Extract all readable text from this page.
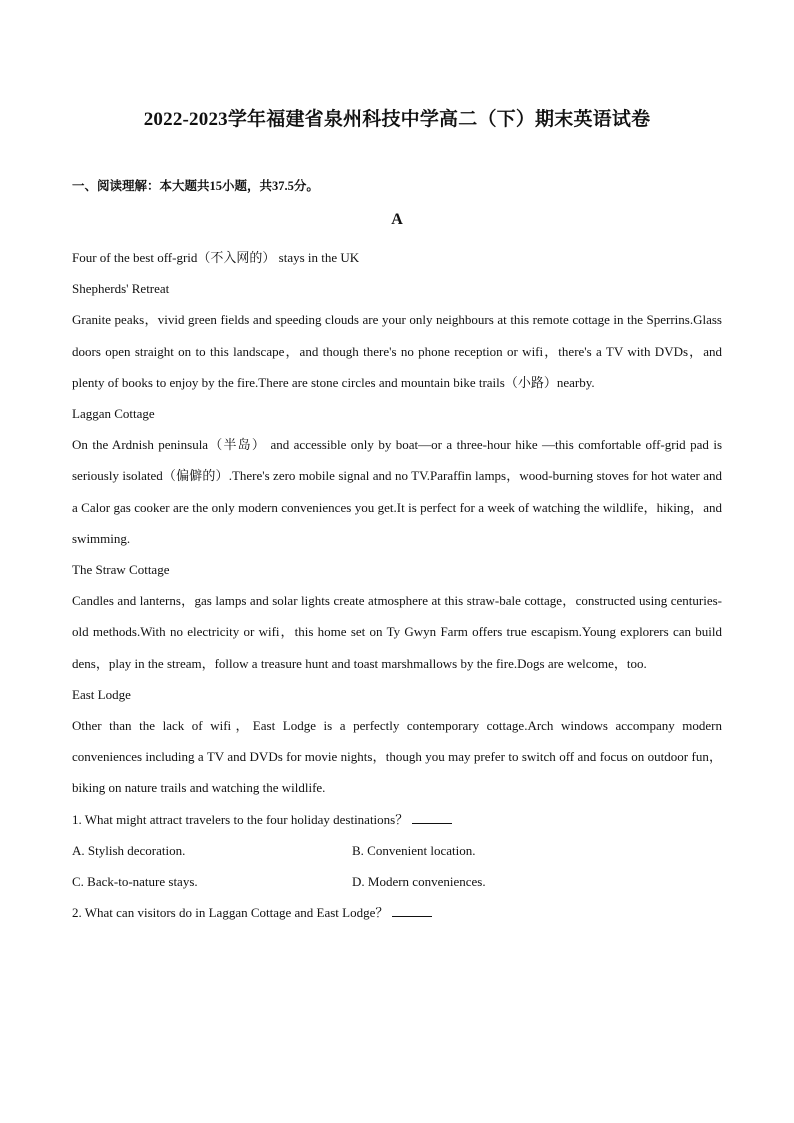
2022-2023学年福建省泉州科技中学高二（下）期末英语试卷
一、阅读理解：本大题共15小题，共37.5分。
A

Four of the best off-grid（不入网的） stays in the UK

Shepherds' Retreat

Granite peaks，vivid green fields and speeding clouds are your only neighbours at this remote cottage in the Sperrins.Glass doors open straight on to this landscape，and though there's no phone reception or wifi，there's a TV with DVDs，and plenty of books to enjoy by the fire.There are stone circles and mountain bike trails（小路）nearby.

Laggan Cottage

On the Ardnish peninsula（半岛） and accessible only by boat—or a three-hour hike —this comfortable off-grid pad is seriously isolated（偏僻的）.There's zero mobile signal and no TV.Paraffin lamps，wood-burning stoves for hot water and a Calor gas cooker are the only modern conveniences you get.It is perfect for a week of watching the wildlife，hiking，and swimming.

The Straw Cottage

Candles and lanterns，gas lamps and solar lights create atmosphere at this straw-bale cottage，constructed using centuries-old methods.With no electricity or wifi，this home set on Ty Gwyn Farm offers true escapism.Young explorers can build dens，play in the stream，follow a treasure hunt and toast marshmallows by the fire.Dogs are welcome，too.

East Lodge

Other than the lack of wifi，East Lodge is a perfectly contemporary cottage.Arch windows accompany modern conveniences including a TV and DVDs for movie nights，though you may prefer to switch off and focus on outdoor fun，biking on nature trails and watching the wildlife.

1. What might attract travelers to the four holiday destinations？

A. Stylish decoration.	B. Convenient location.
C. Back-to-nature stays.	D. Modern conveniences.

2. What can visitors do in Laggan Cottage and East Lodge？
